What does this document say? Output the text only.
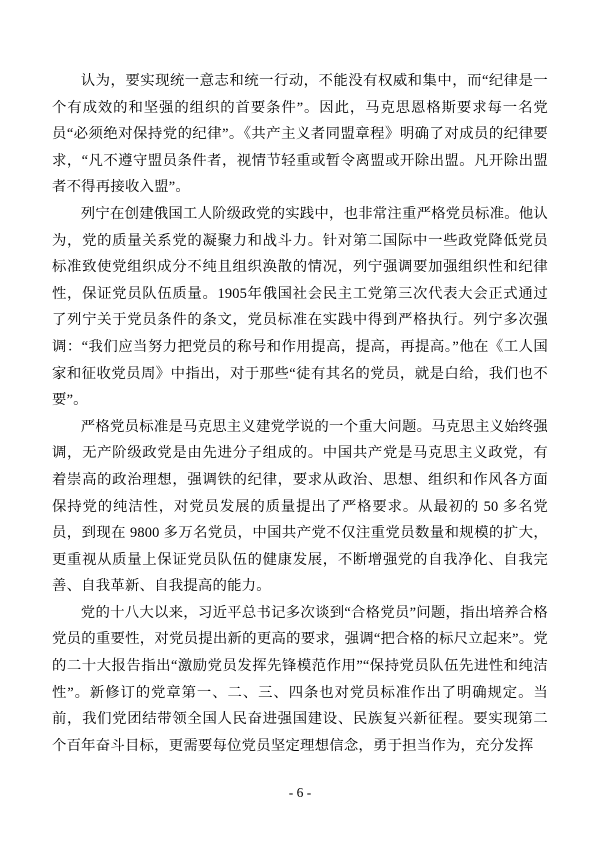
认为，要实现统一意志和统一行动，不能没有权威和集中，而“纪律是一个有成效的和坚强的组织的首要条件”。因此，马克思恩格斯要求每一名党员“必须绝对保持党的纪律”。《共产主义者同盟章程》明确了对成员的纪律要求，“凡不遵守盟员条件者，视情节轻重或暂令离盟或开除出盟。凡开除出盟者不得再接收入盟”。

列宁在创建俄国工人阶级政党的实践中，也非常注重严格党员标准。他认为，党的质量关系党的凝聚力和战斗力。针对第二国际中一些政党降低党员标准致使党组织成分不纯且组织涣散的情况，列宁强调要加强组织性和纪律性，保证党员队伍质量。1905年俄国社会民主工党第三次代表大会正式通过了列宁关于党员条件的条文，党员标准在实践中得到严格执行。列宁多次强调：“我们应当努力把党员的称号和作用提高，提高，再提高。”他在《工人国家和征收党员周》中指出，对于那些“徒有其名的党员，就是白给，我们也不要”。

严格党员标准是马克思主义建党学说的一个重大问题。马克思主义始终强调，无产阶级政党是由先进分子组成的。中国共产党是马克思主义政党，有着崇高的政治理想，强调铁的纪律，要求从政治、思想、组织和作风各方面保持党的纯洁性，对党员发展的质量提出了严格要求。从最初的 50 多名党员，到现在 9800 多万名党员，中国共产党不仅注重党员数量和规模的扩大，更重视从质量上保证党员队伍的健康发展，不断增强党的自我净化、自我完善、自我革新、自我提高的能力。

党的十八大以来，习近平总书记多次谈到“合格党员”问题，指出培养合格党员的重要性，对党员提出新的更高的要求，强调“把合格的标尺立起来”。党的二十大报告指出“激励党员发挥先锋模范作用”“保持党员队伍先进性和纯洁性”。新修订的党章第一、二、三、四条也对党员标准作出了明确规定。当前，我们党团结带领全国人民奋进强国建设、民族复兴新征程。要实现第二个百年奋斗目标，更需要每位党员坚定理想信念，勇于担当作为，充分发挥

- 6 -
